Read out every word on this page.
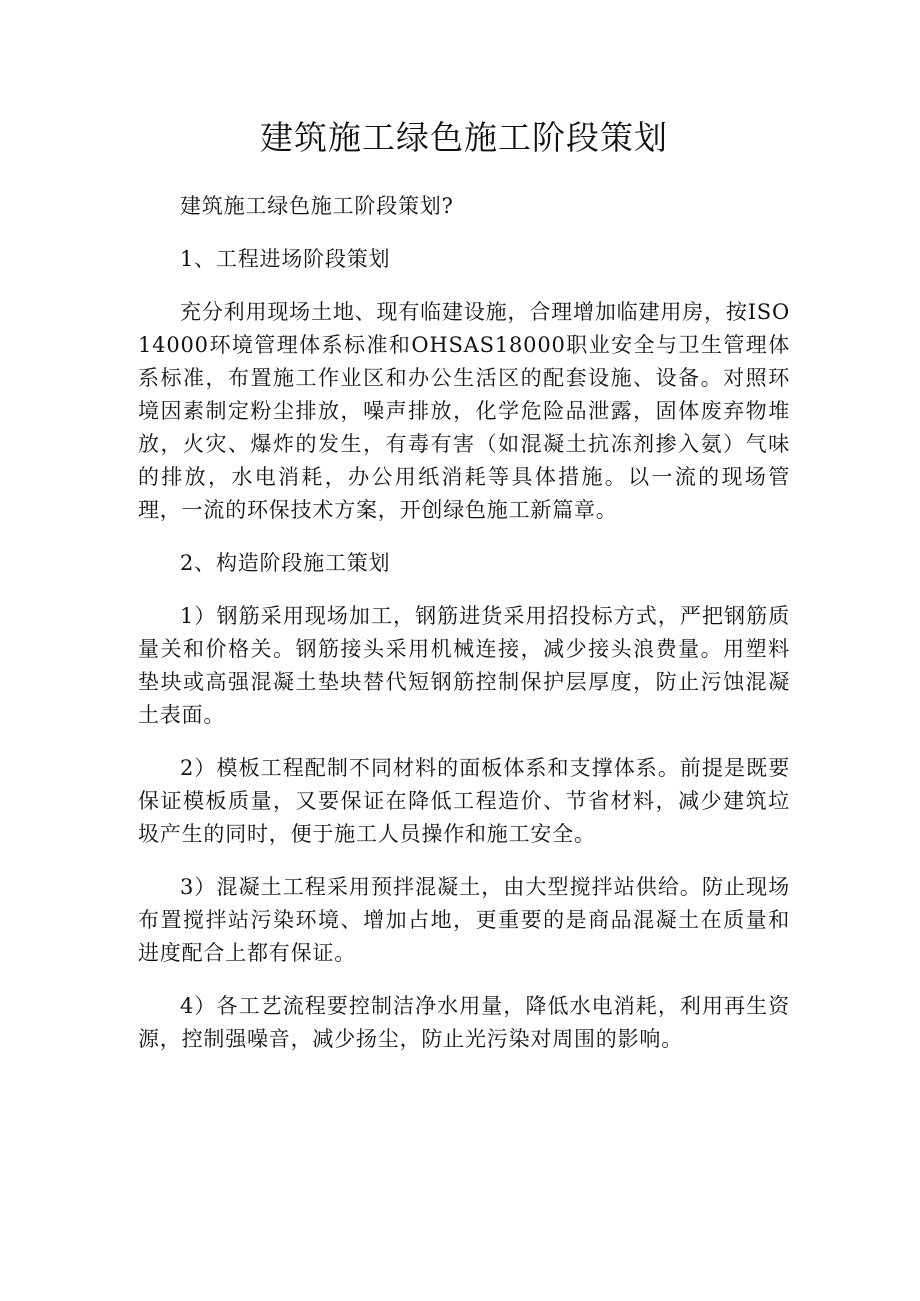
建筑施工绿色施工阶段策划

建筑施工绿色施工阶段策划?

1、工程进场阶段策划

充分利用现场土地、现有临建设施，合理增加临建用房，按ISO14000环境管理体系标准和OHSAS18000职业安全与卫生管理体系标准，布置施工作业区和办公生活区的配套设施、设备。对照环境因素制定粉尘排放，噪声排放，化学危险品泄露，固体废弃物堆放，火灾、爆炸的发生，有毒有害（如混凝土抗冻剂掺入氨）气味的排放，水电消耗，办公用纸消耗等具体措施。以一流的现场管理，一流的环保技术方案，开创绿色施工新篇章。

2、构造阶段施工策划

1）钢筋采用现场加工，钢筋进货采用招投标方式，严把钢筋质量关和价格关。钢筋接头采用机械连接，减少接头浪费量。用塑料垫块或高强混凝土垫块替代短钢筋控制保护层厚度，防止污蚀混凝土表面。

2）模板工程配制不同材料的面板体系和支撑体系。前提是既要保证模板质量，又要保证在降低工程造价、节省材料，减少建筑垃圾产生的同时，便于施工人员操作和施工安全。

3）混凝土工程采用预拌混凝土，由大型搅拌站供给。防止现场布置搅拌站污染环境、增加占地，更重要的是商品混凝土在质量和进度配合上都有保证。

4）各工艺流程要控制洁净水用量，降低水电消耗，利用再生资源，控制强噪音，减少扬尘，防止光污染对周围的影响。
